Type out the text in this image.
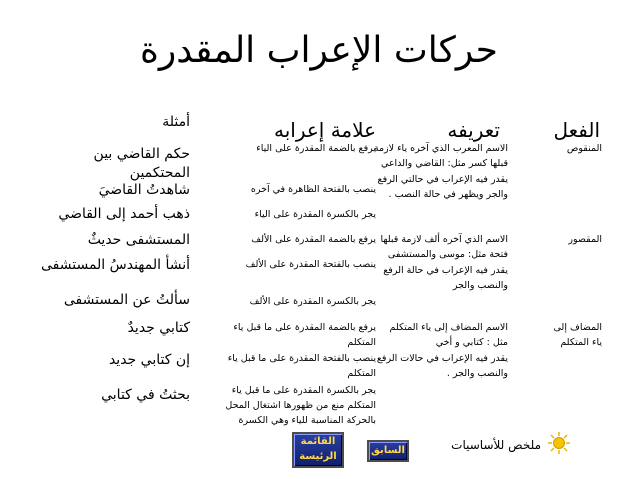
حركات الإعراب المقدرة
الفعل
تعريفه
علامة إعرابه
أمثلة
المنقوص
المقصور
المضاف إلى
ياء المتكلم
الاسم المعرب الذي آخره ياء لازمة
قبلها كسر مثل: القاضي والداعي
يقدر فيه الإعراب في حالتي الرفع
والجر ويظهر في حالة النصب .
الاسم الذي آخره ألف لازمة قبلها
فتحة مثل: موسى والمستشفى
يقدر فيه الإعراب في حالة الرفع
والنصب والجر
الاسم المضاف إلى ياء المتكلم
مثل : كتابي و أخي
يقدر فيه الإعراب في حالات الرفع
والنصب والجر .
يرفع بالضمة المقدرة على الياء
ينصب بالفتحة الظاهرة في آخره
يجر بالكسرة المقدرة على الياء
يرفع بالضمة المقدرة على الألف
ينصب بالفتحة المقدرة على الألف
يجر بالكسرة المقدرة على الألف
يرفع بالضمة المقدرة على ما قبل ياء
المتكلم
ينصب بالفتحة المقدرة على ما قبل ياء
المتكلم
يجر بالكسرة المقدرة على ما قبل ياء
المتكلم منع من ظهورها اشتغال المحل
بالحركة المناسبة للياء وهي الكسرة
حكم القاضي بين
المحتكمين
شاهدتُ القاضيَ
ذهب أحمد إلى القاضي
المستشفى حديثٌ
أنشأ المهندسُ المستشفى
سألتُ عن المستشفى
كتابي جديدٌ
إن كتابي جديد
بحثتُ في كتابي
القائمة
الرئيسة
السابق	ملخص للأساسيات
